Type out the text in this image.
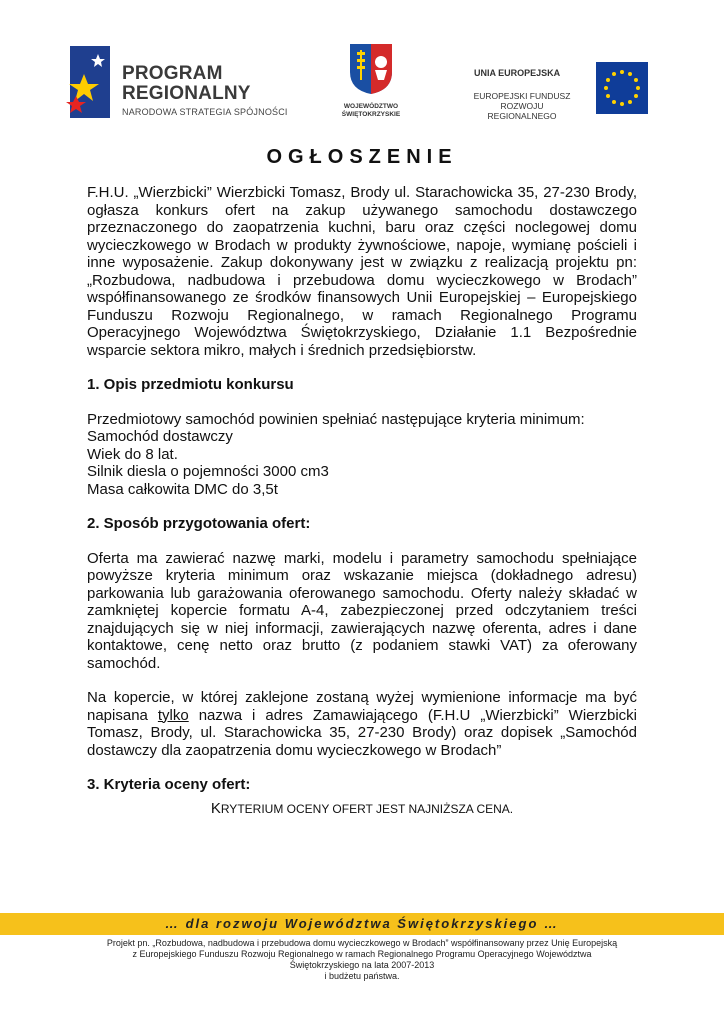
PROGRAM
REGIONALNY
NARODOWA STRATEGIA SPÓJNOŚCI
WOJEWÓDZTWO
ŚWIĘTOKRZYSKIE
UNIA EUROPEJSKA
EUROPEJSKI FUNDUSZ
ROZWOJU REGIONALNEGO
OGŁOSZENIE

F.H.U. „Wierzbicki” Wierzbicki Tomasz, Brody ul. Starachowicka 35, 27-230 Brody, ogłasza konkurs ofert na zakup używanego samochodu dostawczego przeznaczonego do zaopatrzenia kuchni, baru oraz części noclegowej domu wycieczkowego w Brodach w produkty żywnościowe, napoje, wymianę pościeli i inne wyposażenie. Zakup dokonywany jest w związku z realizacją projektu pn: „Rozbudowa, nadbudowa i przebudowa domu wycieczkowego w Brodach” współfinansowanego ze środków finansowych Unii Europejskiej – Europejskiego Funduszu Rozwoju Regionalnego, w ramach Regionalnego Programu Operacyjnego Województwa Świętokrzyskiego, Działanie 1.1 Bezpośrednie wsparcie sektora mikro, małych i średnich przedsiębiorstw.

1. Opis przedmiotu konkursu
Przedmiotowy samochód powinien spełniać następujące kryteria minimum:
Samochód dostawczy
Wiek do 8 lat.
Silnik diesla o pojemności 3000 cm3
Masa całkowita DMC do 3,5t
2. Sposób przygotowania ofert:

Oferta ma zawierać nazwę marki, modelu i parametry samochodu spełniające powyższe kryteria minimum oraz wskazanie miejsca (dokładnego adresu) parkowania lub garażowania oferowanego samochodu. Oferty należy składać w zamkniętej kopercie formatu A-4, zabezpieczonej przed odczytaniem treści znajdujących się w niej informacji, zawierających nazwę oferenta, adres i dane kontaktowe, cenę netto oraz brutto (z podaniem stawki VAT) za oferowany samochód.

Na kopercie, w której zaklejone zostaną wyżej wymienione informacje ma być napisana tylko nazwa i adres Zamawiającego (F.H.U „Wierzbicki” Wierzbicki Tomasz, Brody, ul. Starachowicka 35, 27-230 Brody) oraz dopisek „Samochód dostawczy dla zaopatrzenia domu wycieczkowego w Brodach”

3. Kryteria oceny ofert:
KRYTERIUM OCENY OFERT JEST NAJNIŻSZA CENA.
… dla rozwoju Województwa Świętokrzyskiego …
Projekt pn. „Rozbudowa, nadbudowa i przebudowa domu wycieczkowego w Brodach” współfinansowany przez Unię Europejską
z Europejskiego Funduszu Rozwoju Regionalnego w ramach Regionalnego Programu Operacyjnego Województwa
Świętokrzyskiego na lata 2007-2013
i budżetu państwa.
